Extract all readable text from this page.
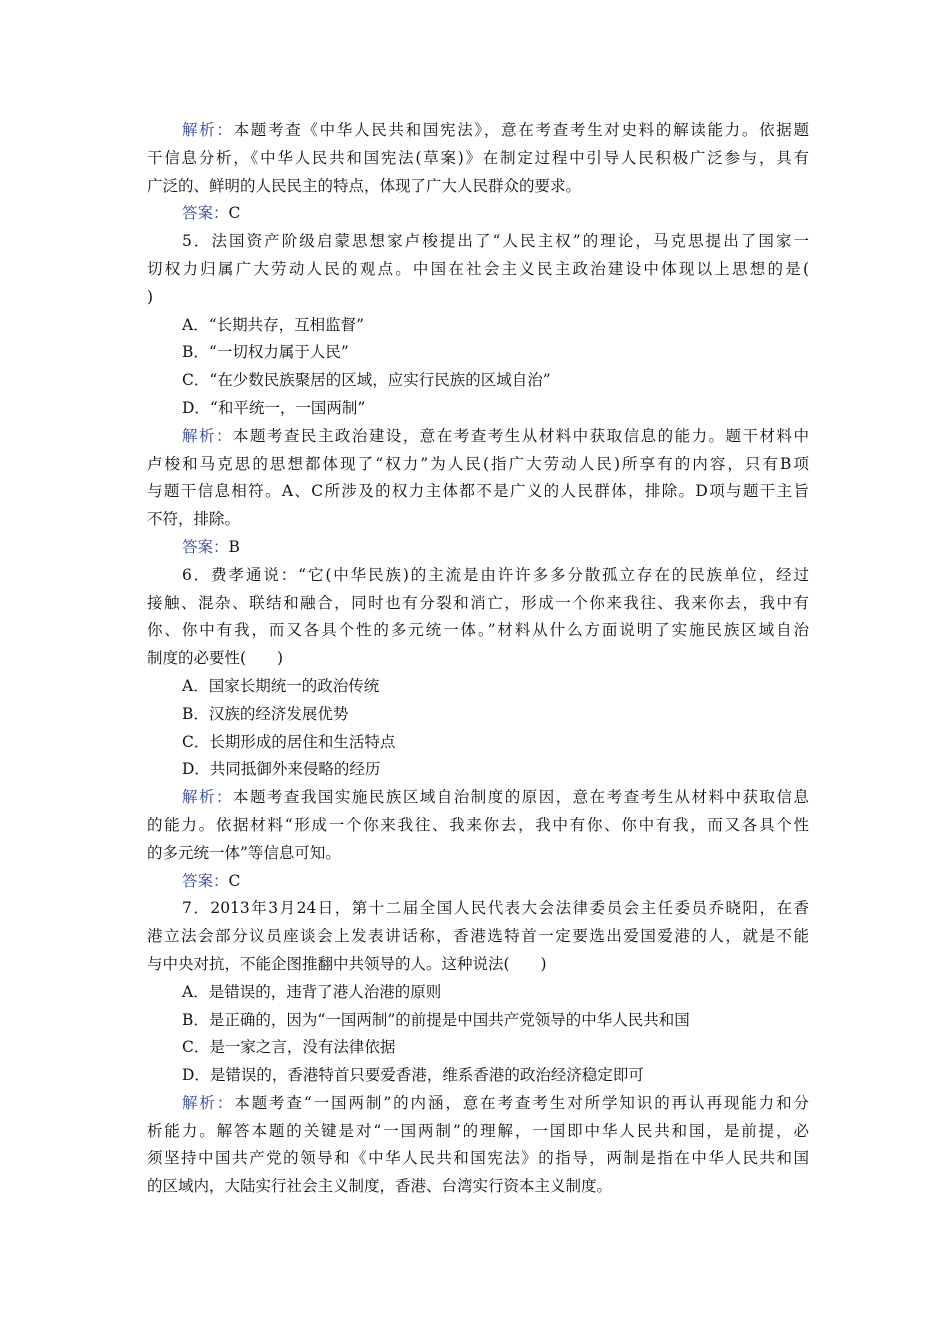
解析：本题考查《中华人民共和国宪法》，意在考查考生对史料的解读能力。依据题
干信息分析，《中华人民共和国宪法(草案)》在制定过程中引导人民积极广泛参与，具有
广泛的、鲜明的人民民主的特点，体现了广大人民群众的要求。
答案：C
5．法国资产阶级启蒙思想家卢梭提出了“人民主权”的理论，马克思提出了国家一
切权力归属广大劳动人民的观点。中国在社会主义民主政治建设中体现以上思想的是(
)
A．“长期共存，互相监督”
B．“一切权力属于人民”
C．“在少数民族聚居的区域，应实行民族的区域自治”
D．“和平统一，一国两制”
解析：本题考查民主政治建设，意在考查考生从材料中获取信息的能力。题干材料中
卢梭和马克思的思想都体现了“权力”为人民(指广大劳动人民)所享有的内容，只有B项
与题干信息相符。A、C所涉及的权力主体都不是广义的人民群体，排除。D项与题干主旨
不符，排除。
答案：B
6．费孝通说：“它(中华民族)的主流是由许许多多分散孤立存在的民族单位，经过
接触、混杂、联结和融合，同时也有分裂和消亡，形成一个你来我往、我来你去，我中有
你、你中有我，而又各具个性的多元统一体。”材料从什么方面说明了实施民族区域自治
制度的必要性(　　)
A．国家长期统一的政治传统
B．汉族的经济发展优势
C．长期形成的居住和生活特点
D．共同抵御外来侵略的经历
解析：本题考查我国实施民族区域自治制度的原因，意在考查考生从材料中获取信息
的能力。依据材料“形成一个你来我往、我来你去，我中有你、你中有我，而又各具个性
的多元统一体”等信息可知。
答案：C
7．2013年3月24日，第十二届全国人民代表大会法律委员会主任委员乔晓阳，在香
港立法会部分议员座谈会上发表讲话称，香港选特首一定要选出爱国爱港的人，就是不能
与中央对抗，不能企图推翻中共领导的人。这种说法(　　)
A．是错误的，违背了港人治港的原则
B．是正确的，因为“一国两制”的前提是中国共产党领导的中华人民共和国
C．是一家之言，没有法律依据
D．是错误的，香港特首只要爱香港，维系香港的政治经济稳定即可
解析：本题考查“一国两制”的内涵，意在考查考生对所学知识的再认再现能力和分
析能力。解答本题的关键是对“一国两制”的理解，一国即中华人民共和国，是前提，必
须坚持中国共产党的领导和《中华人民共和国宪法》的指导，两制是指在中华人民共和国
的区域内，大陆实行社会主义制度，香港、台湾实行资本主义制度。
